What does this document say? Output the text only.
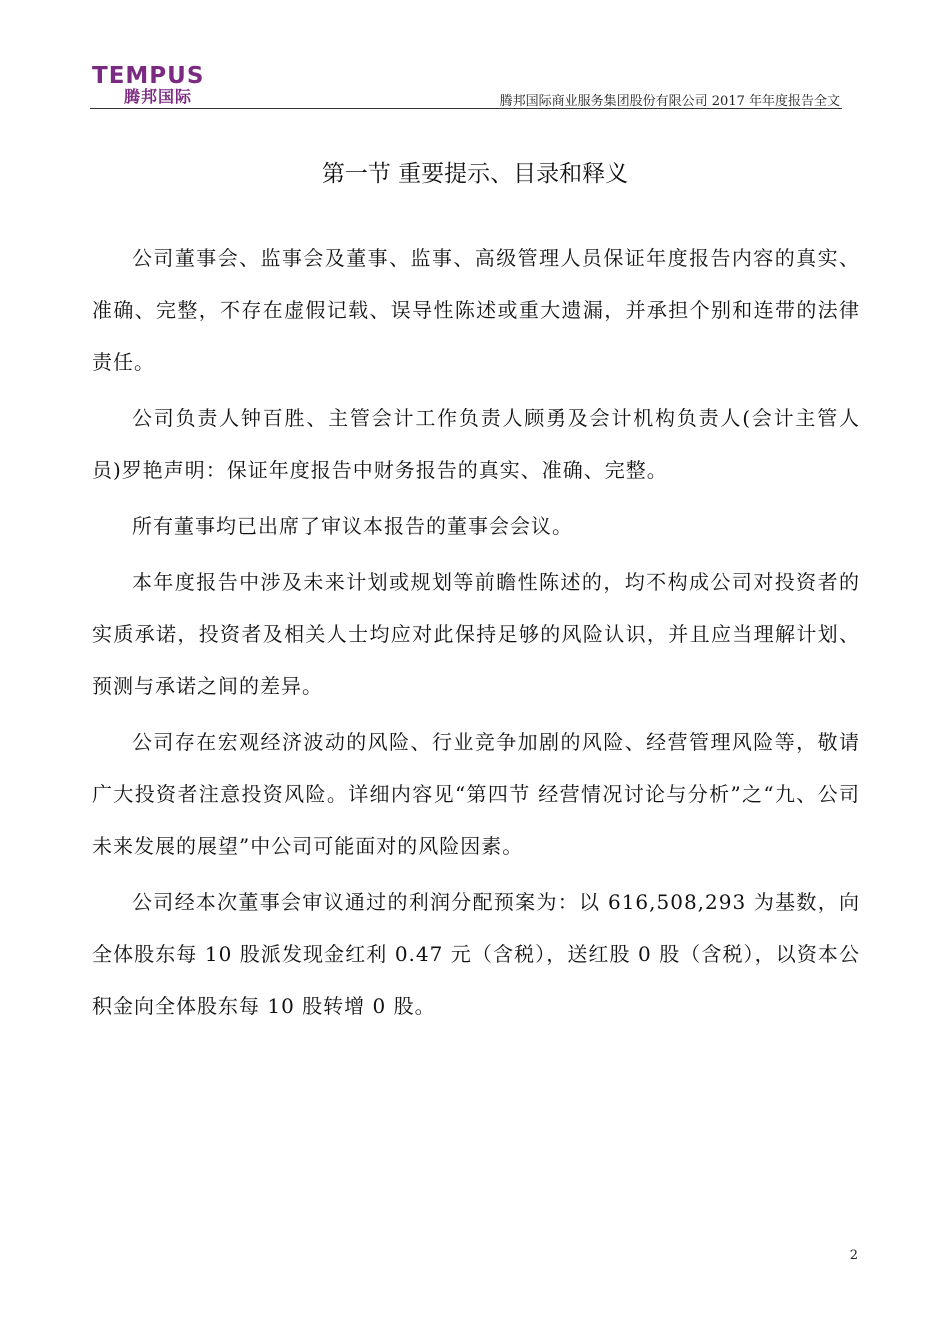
TEMPUS
腾邦国际	腾邦国际商业服务集团股份有限公司 2017 年年度报告全文
第一节 重要提示、目录和释义

公司董事会、监事会及董事、监事、高级管理人员保证年度报告内容的真实、准确、完整，不存在虚假记载、误导性陈述或重大遗漏，并承担个别和连带的法律责任。

公司负责人钟百胜、主管会计工作负责人顾勇及会计机构负责人(会计主管人员)罗艳声明：保证年度报告中财务报告的真实、准确、完整。

所有董事均已出席了审议本报告的董事会会议。

本年度报告中涉及未来计划或规划等前瞻性陈述的，均不构成公司对投资者的实质承诺，投资者及相关人士均应对此保持足够的风险认识，并且应当理解计划、预测与承诺之间的差异。

公司存在宏观经济波动的风险、行业竞争加剧的风险、经营管理风险等，敬请广大投资者注意投资风险。详细内容见“第四节 经营情况讨论与分析”之“九、公司未来发展的展望”中公司可能面对的风险因素。

公司经本次董事会审议通过的利润分配预案为：以 616,508,293 为基数，向全体股东每 10 股派发现金红利 0.47 元（含税），送红股 0 股（含税），以资本公积金向全体股东每 10 股转增 0 股。

2
